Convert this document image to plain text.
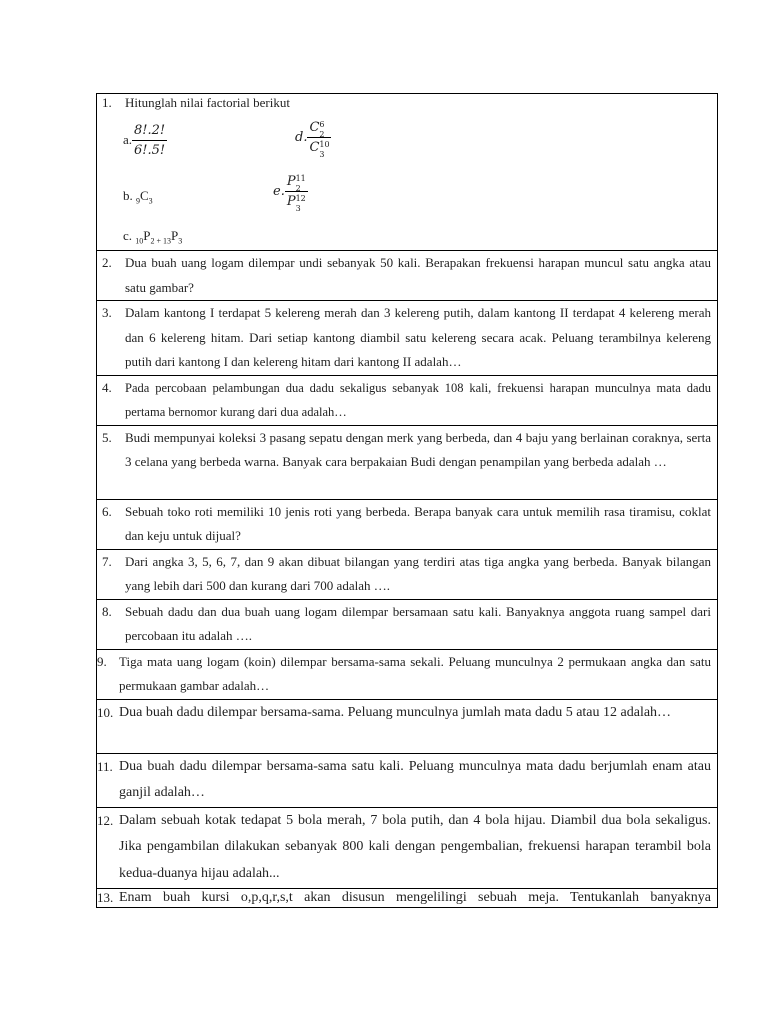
1. Hitunglah nilai factorial berikut
a. $\frac{8!.2!}{6!.5!}$	d. C 6
2
C 10
3
b. $_9C_3$
e. P 11
2
P 12
3
c. $_{10}P_2$ $_+$ $_{13}P_3$

2.	Dua buah uang logam dilempar undi sebanyak 50 kali. Berapakan frekuensi harapan muncul satu angka atau satu gambar?

3.	Dalam kantong I terdapat 5 kelereng merah dan 3 kelereng putih, dalam kantong II terdapat 4 kelereng merah dan 6 kelereng hitam. Dari setiap kantong diambil satu kelereng secara acak. Peluang terambilnya kelereng putih dari kantong I dan kelereng hitam dari kantong II adalah…

4.	Pada percobaan pelambungan dua dadu sekaligus sebanyak 108 kali, frekuensi harapan munculnya mata dadu pertama bernomor kurang dari dua adalah…

5.	Budi mempunyai koleksi 3 pasang sepatu dengan merk yang berbeda, dan 4 baju yang berlainan coraknya, serta 3 celana yang berbeda warna. Banyak cara berpakaian Budi dengan penampilan yang berbeda adalah …

6.	Sebuah toko roti memiliki 10 jenis roti yang berbeda. Berapa banyak cara untuk memilih rasa tiramisu, coklat dan keju untuk dijual?

7.	Dari angka 3, 5, 6, 7, dan 9 akan dibuat bilangan yang terdiri atas tiga angka yang berbeda. Banyak bilangan yang lebih dari 500 dan kurang dari 700 adalah ….

8.	Sebuah dadu dan dua buah uang logam dilempar bersamaan satu kali. Banyaknya anggota ruang sampel dari percobaan itu adalah ….

9. Tiga mata uang logam (koin) dilempar bersama-sama sekali. Peluang munculnya 2 permukaan angka dan satu permukaan gambar adalah…

10. Dua buah dadu dilempar bersama-sama. Peluang munculnya jumlah mata dadu 5 atau 12 adalah…

11. Dua buah dadu dilempar bersama-sama satu kali. Peluang munculnya mata dadu berjumlah enam atau ganjil adalah…

12. Dalam sebuah kotak tedapat 5 bola merah, 7 bola putih, dan 4 bola hijau. Diambil dua bola sekaligus. Jika pengambilan dilakukan sebanyak 800 kali dengan pengembalian, frekuensi harapan terambil bola kedua-duanya hijau adalah...

13. Enam buah kursi o,p,q,r,s,t akan disusun mengelilingi sebuah meja. Tentukanlah banyaknya
